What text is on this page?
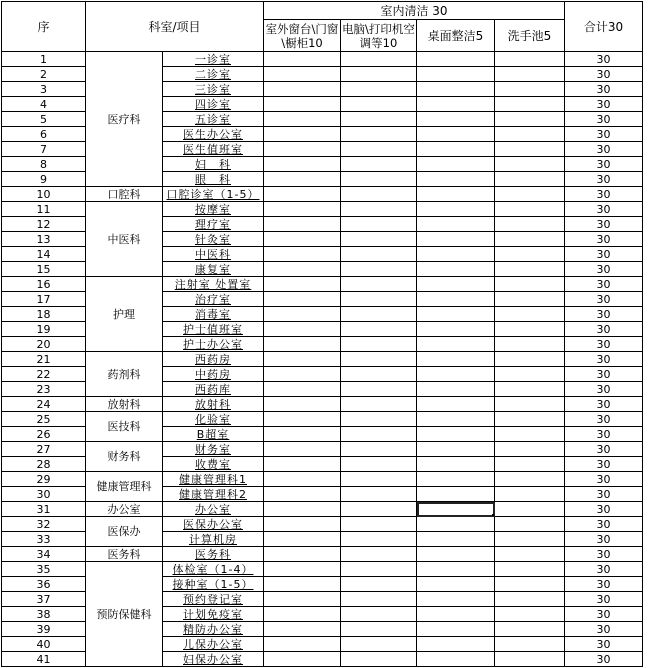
序	科室/项目		室内清洁 30				合计30
			室外窗台\门窗\橱柜10	电脑\打印机空调等10	桌面整洁5	洗手池5	
1	医疗科	一诊室					30
2		二诊室					30
3		三诊室					30
4		四诊室					30
5		五诊室					30
6		医生办公室					30
7		医生值班室					30
8		妇　科					30
9		眼　科					30
10	口腔科	口腔诊室（1-5）					30
11	中医科	按摩室					30
12		理疗室					30
13		针灸室					30
14		中医科					30
15		康复室					30
16	护理	注射室 处置室					30
17		治疗室					30
18		消毒室					30
19		护士值班室					30
20		护士办公室					30
21	药剂科	西药房					30
22		中药房					30
23		西药库					30
24	放射科	放射科					30
25	医技科	化验室					30
26		B超室					30
27	财务科	财务室					30
28		收费室					30
29	健康管理科	健康管理科1					30
30		健康管理科2					30
31	办公室	办公室					30
32	医保办	医保办公室					30
33		计算机房					30
34	医务科	医务科					30
35	预防保健科	体检室（1-4）					30
36		接种室（1-5）					30
37		预约登记室					30
38		计划免疫室					30
39		精防办公室					30
40		儿保办公室					30
41		妇保办公室					30
